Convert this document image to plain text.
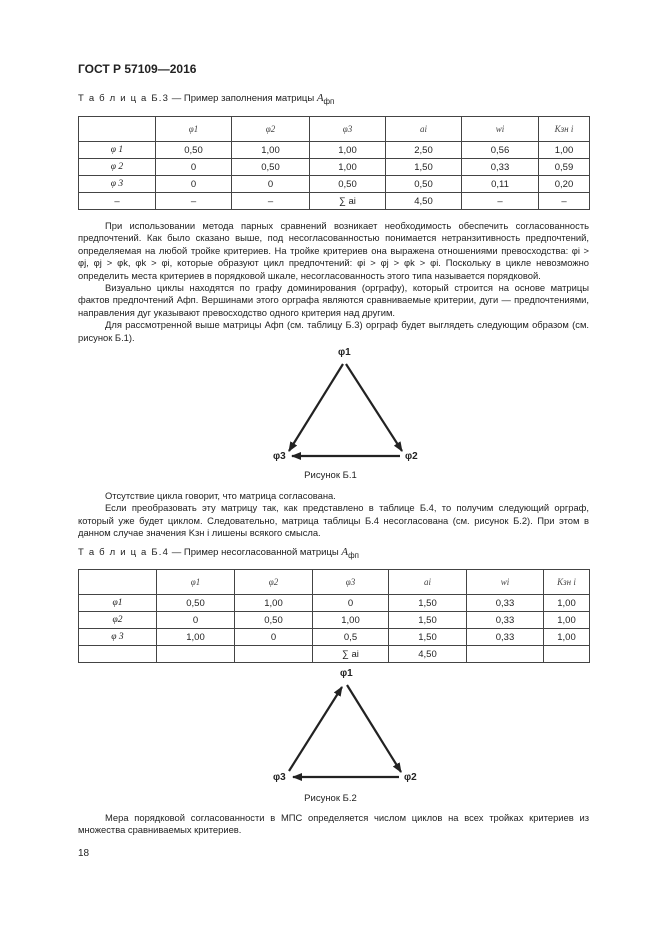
ГОСТ Р 57109—2016
Т а б л и ц а Б.3 — Пример заполнения матрицы $A_{фп}$
	φ1	φ2	φ3	ai	wi	Kзн i
φ 1	0,50	1,00	1,00	2,50	0,56	1,00
φ 2	0	0,50	1,00	1,50	0,33	0,59
φ 3	0	0	0,50	0,50	0,11	0,20
–	–	–	∑ ai	4,50	–	–

При использовании метода парных сравнений возникает необходимость обеспечить согласованность предпочтений. Как было сказано выше, под несогласованностью понимается нетранзитивность предпочтений, определяемая на любой тройке критериев. На тройке критериев она выражена отношениями превосходства: φi > φj, φj > φk, φk > φi, которые образуют цикл предпочтений: φi > φj > φk > φi. Поскольку в цикле невозможно определить места критериев в порядковой шкале, несогласованность этого типа называется порядковой.

Визуально циклы находятся по графу доминирования (орграфу), который строится на основе матрицы фактов предпочтений Aфп. Вершинами этого орграфа являются сравниваемые критерии, дуги — предпочтениями, направления дуг указывают превосходство одного критерия над другим.

Для рассмотренной выше матрицы Aфп (см. таблицу Б.3) орграф будет выглядеть следующим образом (см. рисунок Б.1).

φ1
φ2
φ3
Рисунок Б.1

Отсутствие цикла говорит, что матрица согласована.

Если преобразовать эту матрицу так, как представлено в таблице Б.4, то получим следующий орграф, который уже будет циклом. Следовательно, матрица таблицы Б.4 несогласована (см. рисунок Б.2). При этом в данном случае значения Kзн i лишены всякого смысла.

Т а б л и ц а Б.4 — Пример несогласованной матрицы $A_{фп}$
	φ1	φ2	φ3	ai	wi	Kзн i
φ1	0,50	1,00	0	1,50	0,33	1,00
φ2	0	0,50	1,00	1,50	0,33	1,00
φ 3	1,00	0	0,5	1,50	0,33	1,00
			∑ ai	4,50		
φ1
φ2
φ3
Рисунок Б.2

Мера порядковой согласованности в МПС определяется числом циклов на всех тройках критериев из множества сравниваемых критериев.

18
